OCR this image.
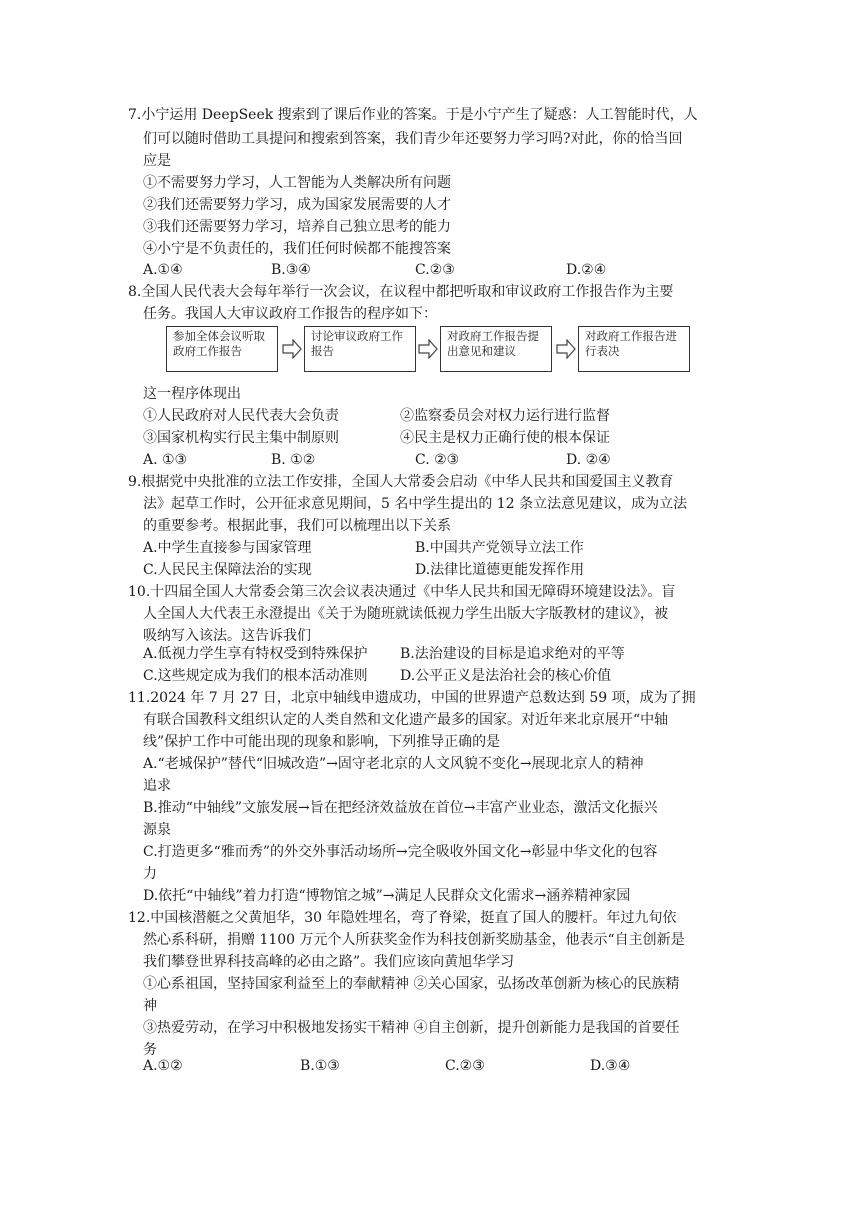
7.小宁运用 DeepSeek 搜索到了课后作业的答案。于是小宁产生了疑惑：人工智能时代，人
们可以随时借助工具提问和搜索到答案，我们青少年还要努力学习吗?对此，你的恰当回
应是
①不需要努力学习，人工智能为人类解决所有问题
②我们还需要努力学习，成为国家发展需要的人才
③我们还需要努力学习，培养自己独立思考的能力
④小宁是不负责任的，我们任何时候都不能搜答案
A.①④	B.③④	C.②③	D.②④
8.全国人民代表大会每年举行一次会议，在议程中都把听取和审议政府工作报告作为主要
任务。我国人大审议政府工作报告的程序如下：
参加全体会议听取政府工作报告
讨论审议政府工作报告
对政府工作报告提出意见和建议
对政府工作报告进行表决
这一程序体现出
①人民政府对人民代表大会负责	②监察委员会对权力运行进行监督
③国家机构实行民主集中制原则	④民主是权力正确行使的根本保证
A. ①③	B. ①②	C. ②③	D. ②④
9.根据党中央批准的立法工作安排，全国人大常委会启动《中华人民共和国爱国主义教育
法》起草工作时，公开征求意见期间，5 名中学生提出的 12 条立法意见建议，成为立法
的重要参考。根据此事，我们可以梳理出以下关系
A.中学生直接参与国家管理	B.中国共产党领导立法工作
C.人民民主保障法治的实现	D.法律比道德更能发挥作用
10.十四届全国人大常委会第三次会议表决通过《中华人民共和国无障碍环境建设法》。盲
人全国人大代表王永澄提出《关于为随班就读低视力学生出版大字版教材的建议》，被
吸纳写入该法。这告诉我们
A.低视力学生享有特权受到特殊保护 B.法治建设的目标是追求绝对的平等
C.这些规定成为我们的根本活动准则 D.公平正义是法治社会的核心价值
11.2024 年 7 月 27 日，北京中轴线申遗成功，中国的世界遗产总数达到 59 项，成为了拥
有联合国教科文组织认定的人类自然和文化遗产最多的国家。对近年来北京展开“中轴
线”保护工作中可能出现的现象和影响，下列推导正确的是
A.“老城保护”替代“旧城改造”→固守老北京的人文风貌不变化→展现北京人的精神
追求
B.推动“中轴线”文旅发展→旨在把经济效益放在首位→丰富产业业态，激活文化振兴
源泉
C.打造更多“雅而秀”的外交外事活动场所→完全吸收外国文化→彰显中华文化的包容
力
D.依托“中轴线”着力打造“博物馆之城”→满足人民群众文化需求→涵养精神家园
12.中国核潜艇之父黄旭华，30 年隐姓埋名，弯了脊梁，挺直了国人的腰杆。年过九旬依
然心系科研，捐赠 1100 万元个人所获奖金作为科技创新奖励基金，他表示“自主创新是
我们攀登世界科技高峰的必由之路”。我们应该向黄旭华学习
①心系祖国，坚持国家利益至上的奉献精神 ②关心国家，弘扬改革创新为核心的民族精
神
③热爱劳动，在学习中积极地发扬实干精神 ④自主创新，提升创新能力是我国的首要任
务
A.①②	B.①③	C.②③	D.③④
